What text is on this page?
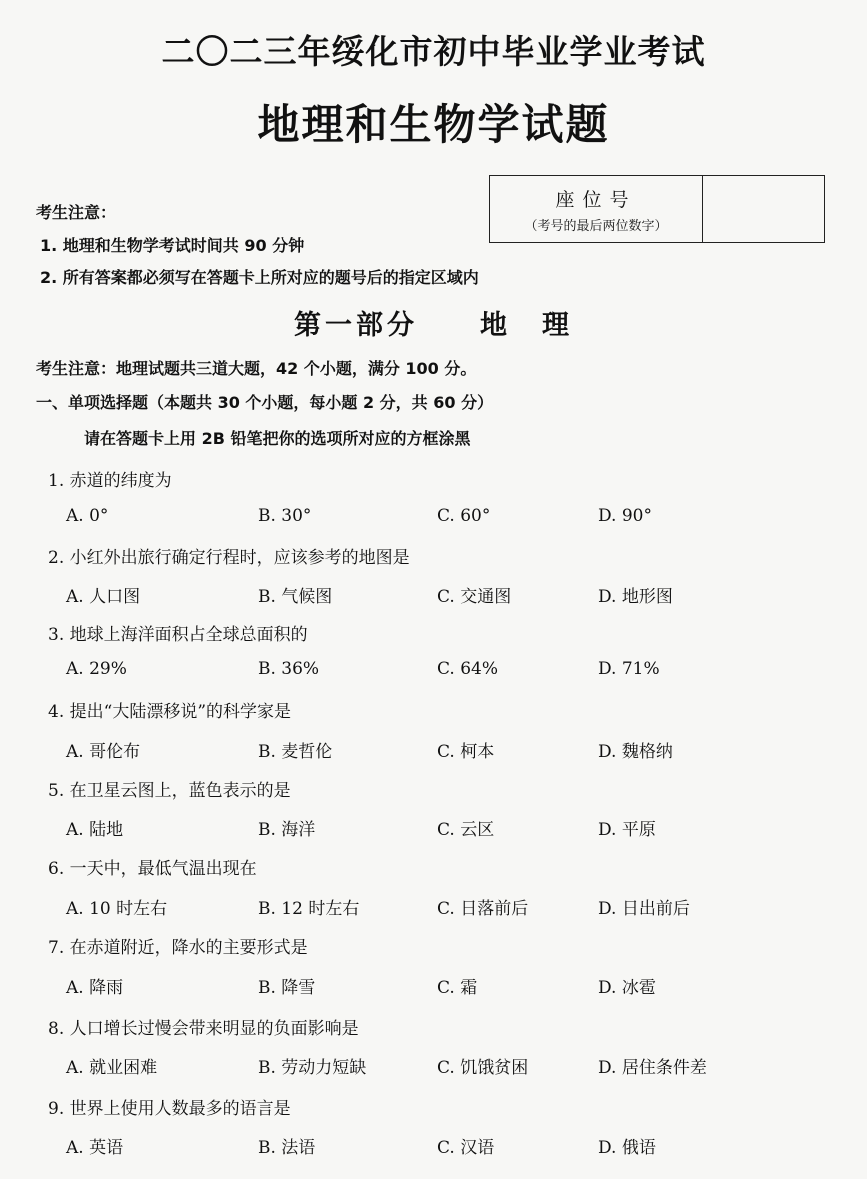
二〇二三年绥化市初中毕业学业考试
地理和生物学试题
座位号
（考号的最后两位数字）
考生注意：
1. 地理和生物学考试时间共 90 分钟
2. 所有答案都必须写在答题卡上所对应的题号后的指定区域内
第一部分　　地　理
考生注意：地理试题共三道大题，42 个小题，满分 100 分。
一、单项选择题（本题共 30 个小题，每小题 2 分，共 60 分）
请在答题卡上用 2B 铅笔把你的选项所对应的方框涂黑
1. 赤道的纬度为
A. 0°	B. 30°	C. 60°	D. 90°
2. 小红外出旅行确定行程时，应该参考的地图是
A. 人口图	B. 气候图	C. 交通图	D. 地形图
3. 地球上海洋面积占全球总面积的
A. 29%	B. 36%	C. 64%	D. 71%
4. 提出“大陆漂移说”的科学家是
A. 哥伦布	B. 麦哲伦	C. 柯本	D. 魏格纳
5. 在卫星云图上，蓝色表示的是
A. 陆地	B. 海洋	C. 云区	D. 平原
6. 一天中，最低气温出现在
A. 10 时左右	B. 12 时左右	C. 日落前后	D. 日出前后
7. 在赤道附近，降水的主要形式是
A. 降雨	B. 降雪	C. 霜	D. 冰雹
8. 人口增长过慢会带来明显的负面影响是
A. 就业困难	B. 劳动力短缺	C. 饥饿贫困	D. 居住条件差
9. 世界上使用人数最多的语言是
A. 英语	B. 法语	C. 汉语	D. 俄语
